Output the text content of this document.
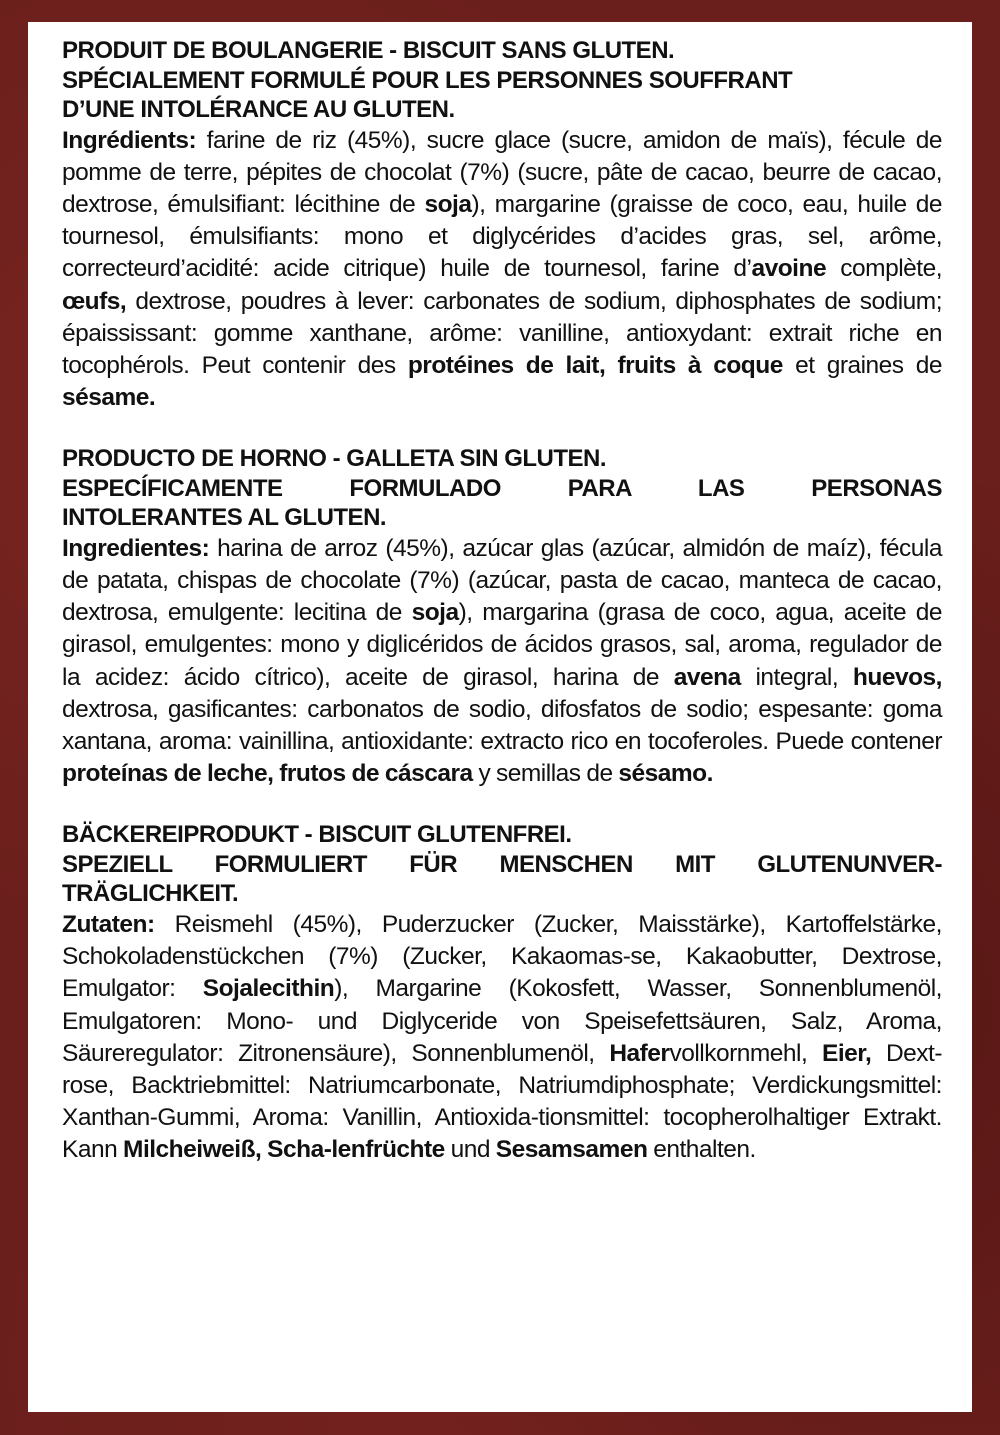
PRODUIT DE BOULANGERIE - BISCUIT SANS GLUTEN.
SPÉCIALEMENT FORMULÉ POUR LES PERSONNES SOUFFRANT
D’UNE INTOLÉRANCE AU GLUTEN.
Ingrédients: farine de riz (45%), sucre glace (sucre, amidon de maïs), fécule de pomme de terre, pépites de chocolat (7%) (sucre, pâte de cacao, beurre de cacao, dextrose, émulsifiant: lécithine de soja), margarine (graisse de coco, eau, huile de tournesol, émulsifiants: mono et diglycérides d’acides gras, sel, arôme, correcteurd’acidité: acide citrique) huile de tournesol, farine d’avoine complète, œufs, dextrose, poudres à lever: carbonates de sodium, diphosphates de sodium; épaississant: gomme xanthane, arôme: vanilline, antioxydant: extrait riche en tocophérols. Peut contenir des protéines de lait, fruits à coque et graines de sésame.
PRODUCTO DE HORNO - GALLETA SIN GLUTEN.
ESPECÍFICAMENTE FORMULADO PARA LAS PERSONAS
INTOLERANTES AL GLUTEN.
Ingredientes: harina de arroz (45%), azúcar glas (azúcar, almidón de maíz), fécula de patata, chispas de chocolate (7%) (azúcar, pasta de cacao, manteca de cacao, dextrosa, emulgente: lecitina de soja), margarina (grasa de coco, agua, aceite de girasol, emulgentes: mono y diglicéridos de ácidos grasos, sal, aroma, regulador de la acidez: ácido cítrico), aceite de girasol, harina de avena integral, huevos, dextrosa, gasificantes: carbonatos de sodio, difosfatos de sodio; espesante: goma xantana, aroma: vainillina, antioxidante: extracto rico en tocoferoles. Puede contener proteínas de leche, frutos de cáscara y semillas de sésamo.
BÄCKEREIPRODUKT - BISCUIT GLUTENFREI.
SPEZIELL FORMULIERT FÜR MENSCHEN MIT GLUTENUNVER-
TRÄGLICHKEIT.
Zutaten: Reismehl (45%), Puderzucker (Zucker, Maisstärke), Kartoffelstärke, Schokoladenstückchen (7%) (Zucker, Kakaomas-se, Kakaobutter, Dextrose, Emulgator: Sojalecithin), Margarine (Kokosfett, Wasser, Sonnenblumenöl, Emulgatoren: Mono- und Diglyceride von Speisefettsäuren, Salz, Aroma, Säureregulator: Zitronensäure), Sonnenblumenöl, Hafervollkornmehl, Eier, Dext-rose, Backtriebmittel: Natriumcarbonate, Natriumdiphosphate; Verdickungsmittel: Xanthan-Gummi, Aroma: Vanillin, Antioxida-tionsmittel: tocopherolhaltiger Extrakt. Kann Milcheiweiß, Scha-lenfrüchte und Sesamsamen enthalten.
